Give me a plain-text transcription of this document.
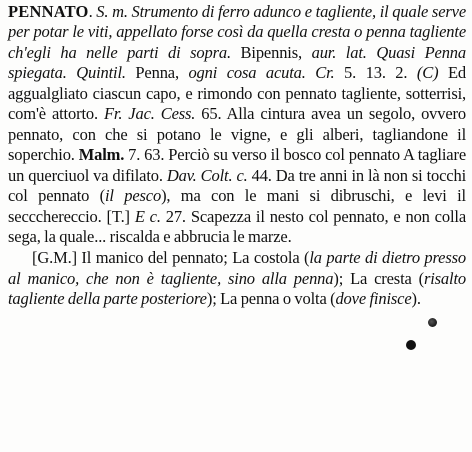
PENNATO. S. m. Strumento di ferro adunco e tagliente, il quale serve per potar le viti, appellato forse così da quella cresta o penna tagliente ch'egli ha nelle parti di sopra. Bipennis, aur. lat. Quasi Penna spiegata. Quintil. Penna, ogni cosa acuta. Cr. 5. 13. 2. (C) Ed aggualgliato ciascun capo, e rimondo con pennato tagliente, sotterrisi, com'è attorto. Fr. Jac. Cess. 65. Alla cintura avea un segolo, ovvero pennato, con che si potano le vigne, e gli alberi, tagliandone il soperchio. Malm. 7. 63. Perciò su verso il bosco col pennato A tagliare un querciuol va difilato. Dav. Colt. c. 44. Da tre anni in là non si tocchi col pennato (il pesco), ma con le mani si dibruschi, e levi il seccchereccio. [T.] E c. 27. Scapezza il nesto col pennato, e non colla sega, la quale... riscalda e abbrucia le marze.

[G.M.] Il manico del pennato; La costola (la parte di dietro presso al manico, che non è tagliente, sino alla penna); La cresta (risalto tagliente della parte posteriore); La penna o volta (dove finisce).
